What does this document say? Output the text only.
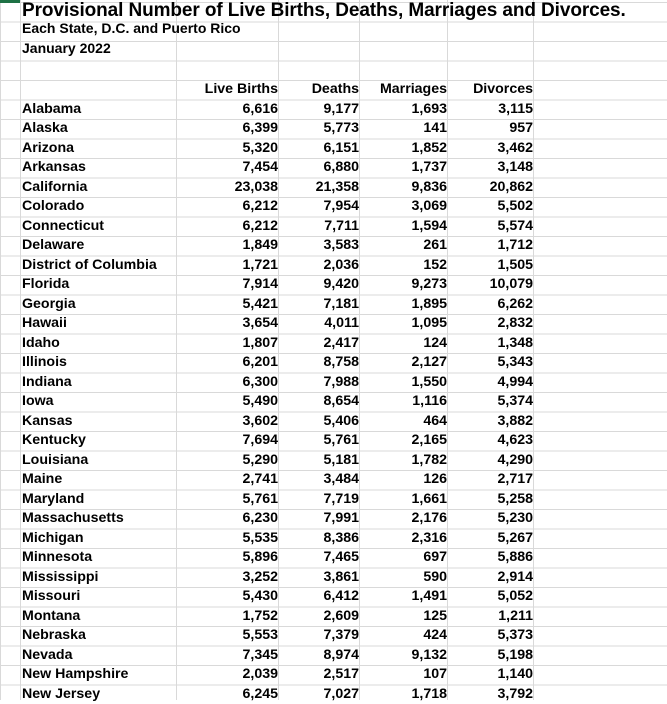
Provisional Number of Live Births, Deaths, Marriages and Divorces.
Each State, D.C. and Puerto Rico
January 2022
	Live Births	Deaths	Marriages	Divorces
Alabama	6,616	9,177	1,693	3,115
Alaska	6,399	5,773	141	957
Arizona	5,320	6,151	1,852	3,462
Arkansas	7,454	6,880	1,737	3,148
California	23,038	21,358	9,836	20,862
Colorado	6,212	7,954	3,069	5,502
Connecticut	6,212	7,711	1,594	5,574
Delaware	1,849	3,583	261	1,712
District of Columbia	1,721	2,036	152	1,505
Florida	7,914	9,420	9,273	10,079
Georgia	5,421	7,181	1,895	6,262
Hawaii	3,654	4,011	1,095	2,832
Idaho	1,807	2,417	124	1,348
Illinois	6,201	8,758	2,127	5,343
Indiana	6,300	7,988	1,550	4,994
Iowa	5,490	8,654	1,116	5,374
Kansas	3,602	5,406	464	3,882
Kentucky	7,694	5,761	2,165	4,623
Louisiana	5,290	5,181	1,782	4,290
Maine	2,741	3,484	126	2,717
Maryland	5,761	7,719	1,661	5,258
Massachusetts	6,230	7,991	2,176	5,230
Michigan	5,535	8,386	2,316	5,267
Minnesota	5,896	7,465	697	5,886
Mississippi	3,252	3,861	590	2,914
Missouri	5,430	6,412	1,491	5,052
Montana	1,752	2,609	125	1,211
Nebraska	5,553	7,379	424	5,373
Nevada	7,345	8,974	9,132	5,198
New Hampshire	2,039	2,517	107	1,140
New Jersey	6,245	7,027	1,718	3,792
